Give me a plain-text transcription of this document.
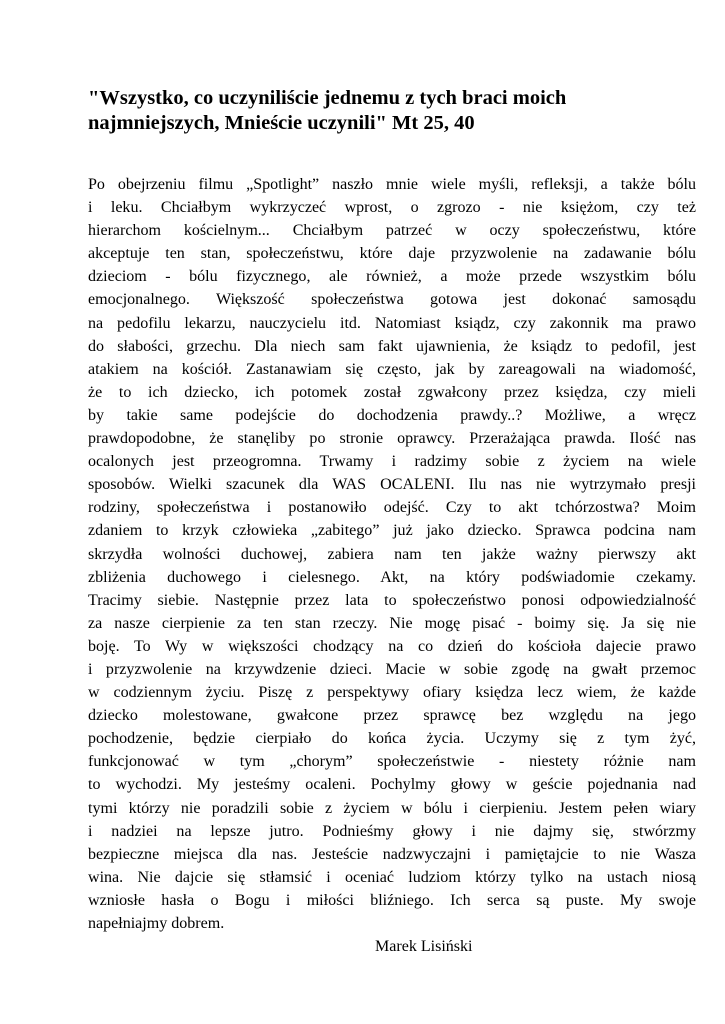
"Wszystko, co uczyniliście jednemu z tych braci moich
najmniejszych, Mnieście uczynili" Mt 25, 40
Po obejrzeniu filmu „Spotlight” naszło mnie wiele myśli, refleksji, a także bólu
i leku. Chciałbym wykrzyczeć wprost, o zgrozo - nie księżom, czy też
hierarchom kościelnym... Chciałbym patrzeć w oczy społeczeństwu, które
akceptuje ten stan, społeczeństwu, które daje przyzwolenie na zadawanie bólu
dzieciom - bólu fizycznego, ale również, a może przede wszystkim bólu
emocjonalnego. Większość społeczeństwa gotowa jest dokonać samosądu
na pedofilu lekarzu, nauczycielu itd. Natomiast ksiądz, czy zakonnik ma prawo
do słabości, grzechu. Dla niech sam fakt ujawnienia, że ksiądz to pedofil, jest
atakiem na kościół. Zastanawiam się często, jak by zareagowali na wiadomość,
że to ich dziecko, ich potomek został zgwałcony przez księdza, czy mieli
by takie same podejście do dochodzenia prawdy..? Możliwe, a wręcz
prawdopodobne, że stanęliby po stronie oprawcy. Przerażająca prawda. Ilość nas
ocalonych jest przeogromna. Trwamy i radzimy sobie z życiem na wiele
sposobów. Wielki szacunek dla WAS OCALENI. Ilu nas nie wytrzymało presji
rodziny, społeczeństwa i postanowiło odejść. Czy to akt tchórzostwa? Moim
zdaniem to krzyk człowieka „zabitego” już jako dziecko. Sprawca podcina nam
skrzydła wolności duchowej, zabiera nam ten jakże ważny pierwszy akt
zbliżenia duchowego i cielesnego. Akt, na który podświadomie czekamy.
Tracimy siebie. Następnie przez lata to społeczeństwo ponosi odpowiedzialność
za nasze cierpienie za ten stan rzeczy. Nie mogę pisać - boimy się. Ja się nie
boję. To Wy w większości chodzący na co dzień do kościoła dajecie prawo
i przyzwolenie na krzywdzenie dzieci. Macie w sobie zgodę na gwałt przemoc
w codziennym życiu. Piszę z perspektywy ofiary księdza lecz wiem, że każde
dziecko molestowane, gwałcone przez sprawcę bez względu na jego
pochodzenie, będzie cierpiało do końca życia. Uczymy się z tym żyć,
funkcjonować w tym „chorym” społeczeństwie - niestety różnie nam
to wychodzi. My jesteśmy ocaleni. Pochylmy głowy w geście pojednania nad
tymi którzy nie poradzili sobie z życiem w bólu i cierpieniu. Jestem pełen wiary
i nadziei na lepsze jutro. Podnieśmy głowy i nie dajmy się, stwórzmy
bezpieczne miejsca dla nas. Jesteście nadzwyczajni i pamiętajcie to nie Wasza
wina. Nie dajcie się stłamsić i oceniać ludziom którzy tylko na ustach niosą
wzniosłe hasła o Bogu i miłości bliźniego. Ich serca są puste. My swoje
napełniajmy dobrem.

Marek Lisiński
